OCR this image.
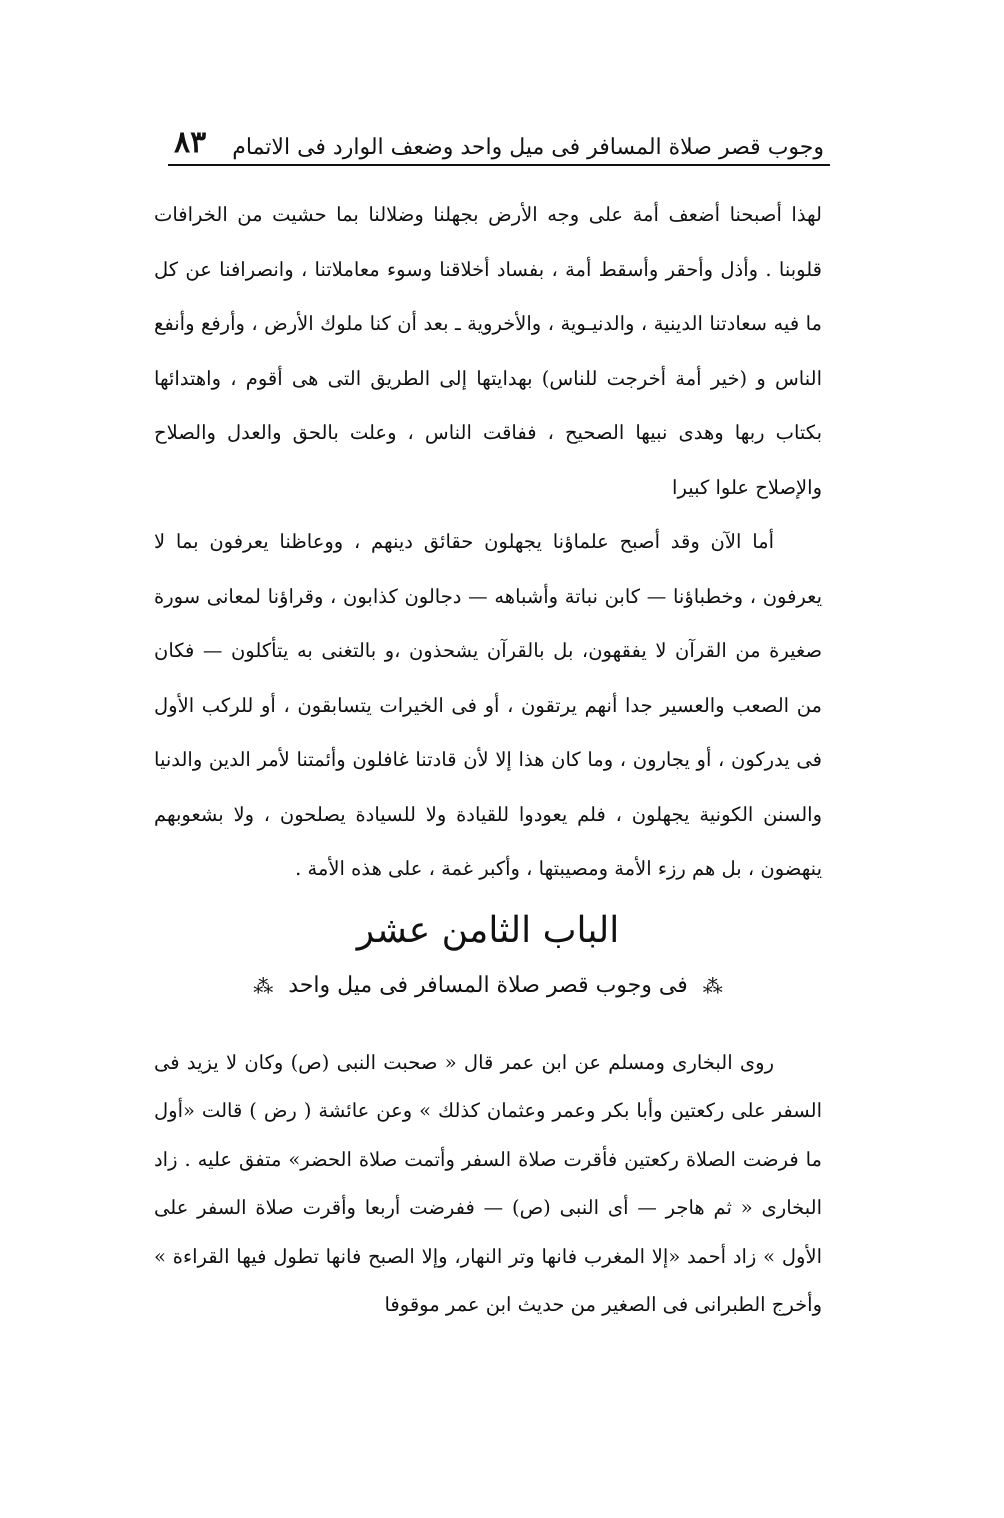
وجوب قصر صلاة المسافر فى ميل واحد وضعف الوارد فى الاتمام
٨٣

لهذا أصبحنا أضعف أمة على وجه الأرض بجهلنا وضلالنا بما حشيت من الخرافات قلوبنا . وأذل وأحقر وأسقط أمة ، بفساد أخلاقنا وسوء معاملاتنا ، وانصرافنا عن كل ما فيه سعادتنا الدينية ، والدنيـوية ، والأخروية ـ بعد أن كنا ملوك الأرض ، وأرفع وأنفع الناس و (خير أمة أخرجت للناس) بهدايتها إلى الطريق التى هى أقوم ، واهتدائها بكتاب ربها وهدى نبيها الصحيح ، ففاقت الناس ، وعلت بالحق والعدل والصلاح والإصلاح علوا كبيرا

أما الآن وقد أصبح علماؤنا يجهلون حقائق دينهم ، ووعاظنا يعرفون بما لا يعرفون ، وخطباؤنا — كابن نباتة وأشباهه — دجالون كذابون ، وقراؤنا لمعانى سورة صغيرة من القرآن لا يفقهون، بل بالقرآن يشحذون ،و بالتغنى به يتأكلون — فكان من الصعب والعسير جدا أنهم يرتقون ، أو فى الخيرات يتسابقون ، أو للركب الأول فى يدركون ، أو يجارون ، وما كان هذا إلا لأن قادتنا غافلون وأئمتنا لأمر الدين والدنيا والسنن الكونية يجهلون ، فلم يعودوا للقيادة ولا للسيادة يصلحون ، ولا بشعوبهم ينهضون ، بل هم رزء الأمة ومصيبتها ، وأكبر غمة ، على هذه الأمة .

الباب الثامن عشر
⁂ فى وجوب قصر صلاة المسافر فى ميل واحد ⁂

روى البخارى ومسلم عن ابن عمر قال « صحبت النبى (ص) وكان لا يزيد فى السفر على ركعتين وأبا بكر وعمر وعثمان كذلك » وعن عائشة ( رض ) قالت «أول ما فرضت الصلاة ركعتين فأقرت صلاة السفر وأتمت صلاة الحضر» متفق عليه . زاد البخارى « ثم هاجر — أى النبى (ص) — ففرضت أربعا وأقرت صلاة السفر على الأول » زاد أحمد «إلا المغرب فانها وتر النهار، وإلا الصبح فانها تطول فيها القراءة » وأخرج الطبرانى فى الصغير من حديث ابن عمر موقوفا
